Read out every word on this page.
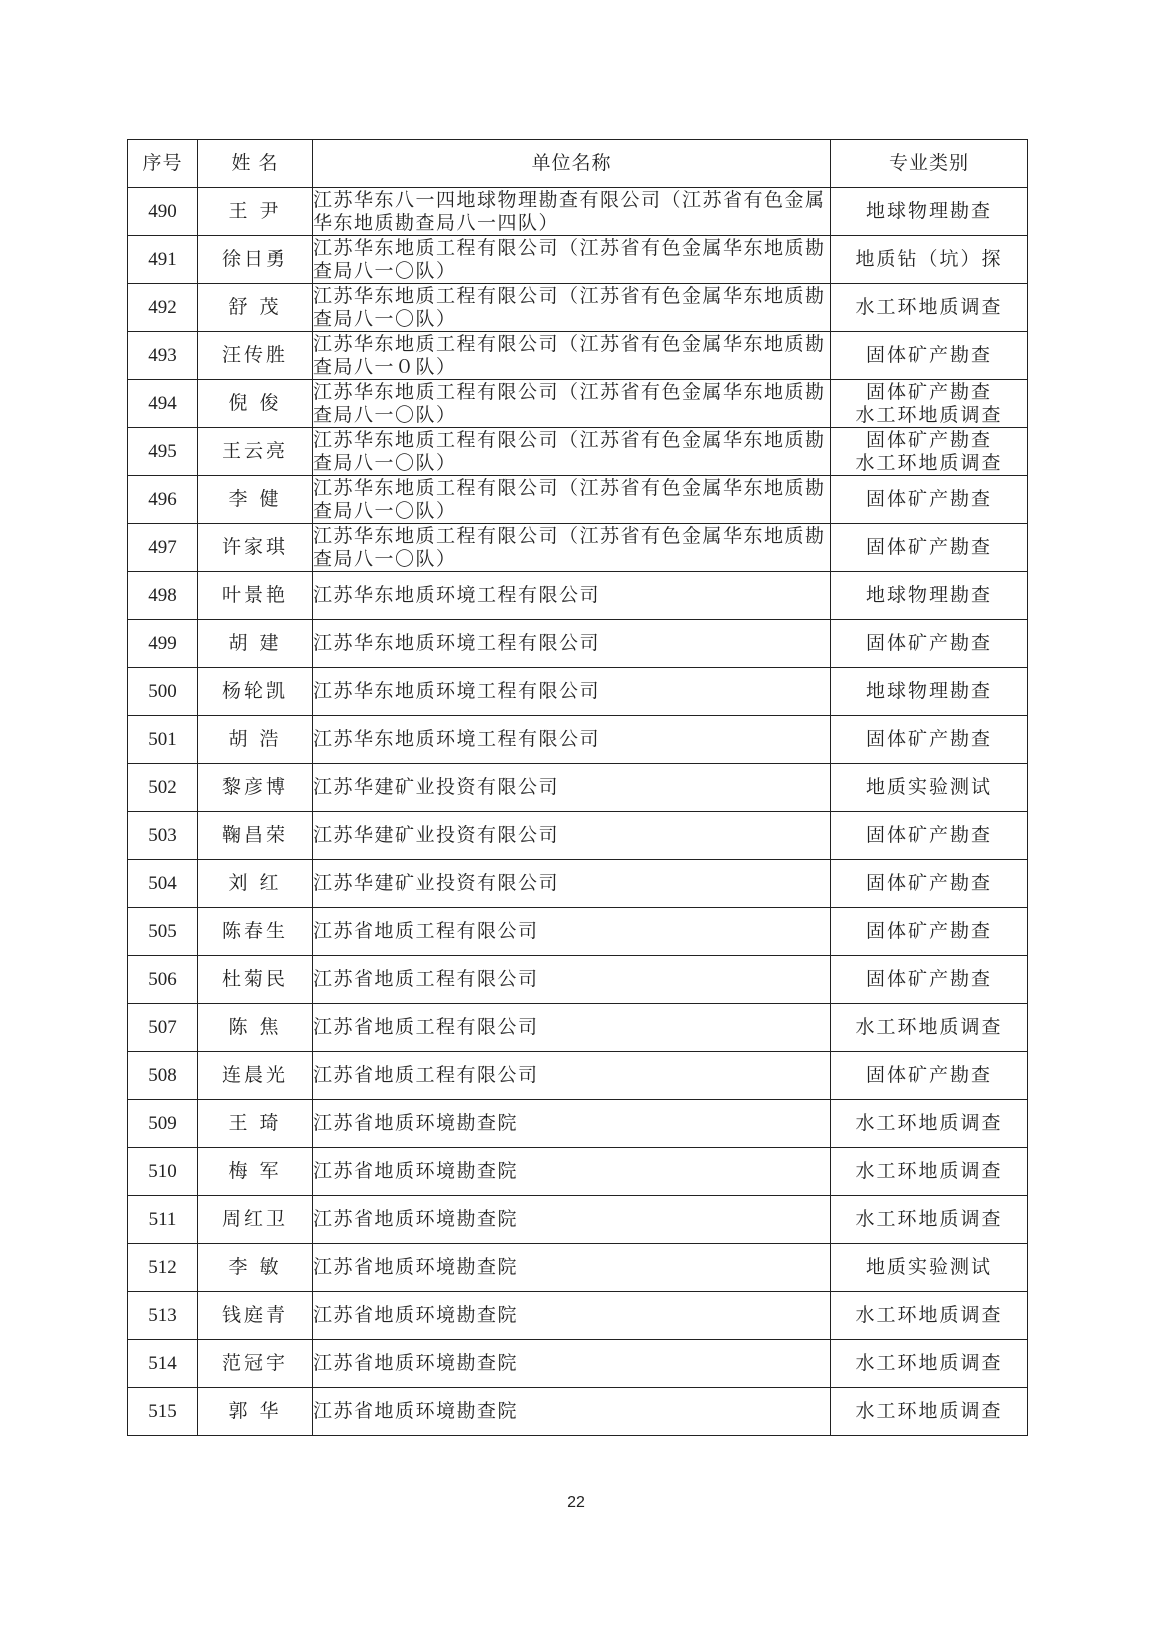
序号	姓 名	单位名称	专业类别
490	王 尹	江苏华东八一四地球物理勘查有限公司（江苏省有色金属华东地质勘查局八一四队）	地球物理勘查

491	徐日勇	江苏华东地质工程有限公司（江苏省有色金属华东地质勘查局八一〇队）	地质钻（坑）探

492	舒 茂	江苏华东地质工程有限公司（江苏省有色金属华东地质勘查局八一〇队）	水工环地质调查

493	汪传胜	江苏华东地质工程有限公司（江苏省有色金属华东地质勘查局八一０队）	固体矿产勘查

494	倪 俊	江苏华东地质工程有限公司（江苏省有色金属华东地质勘查局八一〇队）	固体矿产勘查
水工环地质调查

495	王云亮	江苏华东地质工程有限公司（江苏省有色金属华东地质勘查局八一〇队）	固体矿产勘查
水工环地质调查

496	李 健	江苏华东地质工程有限公司（江苏省有色金属华东地质勘查局八一〇队）	固体矿产勘查

497	许家琪	江苏华东地质工程有限公司（江苏省有色金属华东地质勘查局八一〇队）	固体矿产勘查

498	叶景艳	江苏华东地质环境工程有限公司	地球物理勘查

499	胡 建	江苏华东地质环境工程有限公司	固体矿产勘查

500	杨轮凯	江苏华东地质环境工程有限公司	地球物理勘查

501	胡 浩	江苏华东地质环境工程有限公司	固体矿产勘查

502	黎彦博	江苏华建矿业投资有限公司	地质实验测试

503	鞠昌荣	江苏华建矿业投资有限公司	固体矿产勘查

504	刘 红	江苏华建矿业投资有限公司	固体矿产勘查

505	陈春生	江苏省地质工程有限公司	固体矿产勘查

506	杜菊民	江苏省地质工程有限公司	固体矿产勘查

507	陈 焦	江苏省地质工程有限公司	水工环地质调查

508	连晨光	江苏省地质工程有限公司	固体矿产勘查

509	王 琦	江苏省地质环境勘查院	水工环地质调查

510	梅 军	江苏省地质环境勘查院	水工环地质调查

511	周红卫	江苏省地质环境勘查院	水工环地质调查

512	李 敏	江苏省地质环境勘查院	地质实验测试

513	钱庭青	江苏省地质环境勘查院	水工环地质调查

514	范冠宇	江苏省地质环境勘查院	水工环地质调查

515	郭 华	江苏省地质环境勘查院	水工环地质调查
22
